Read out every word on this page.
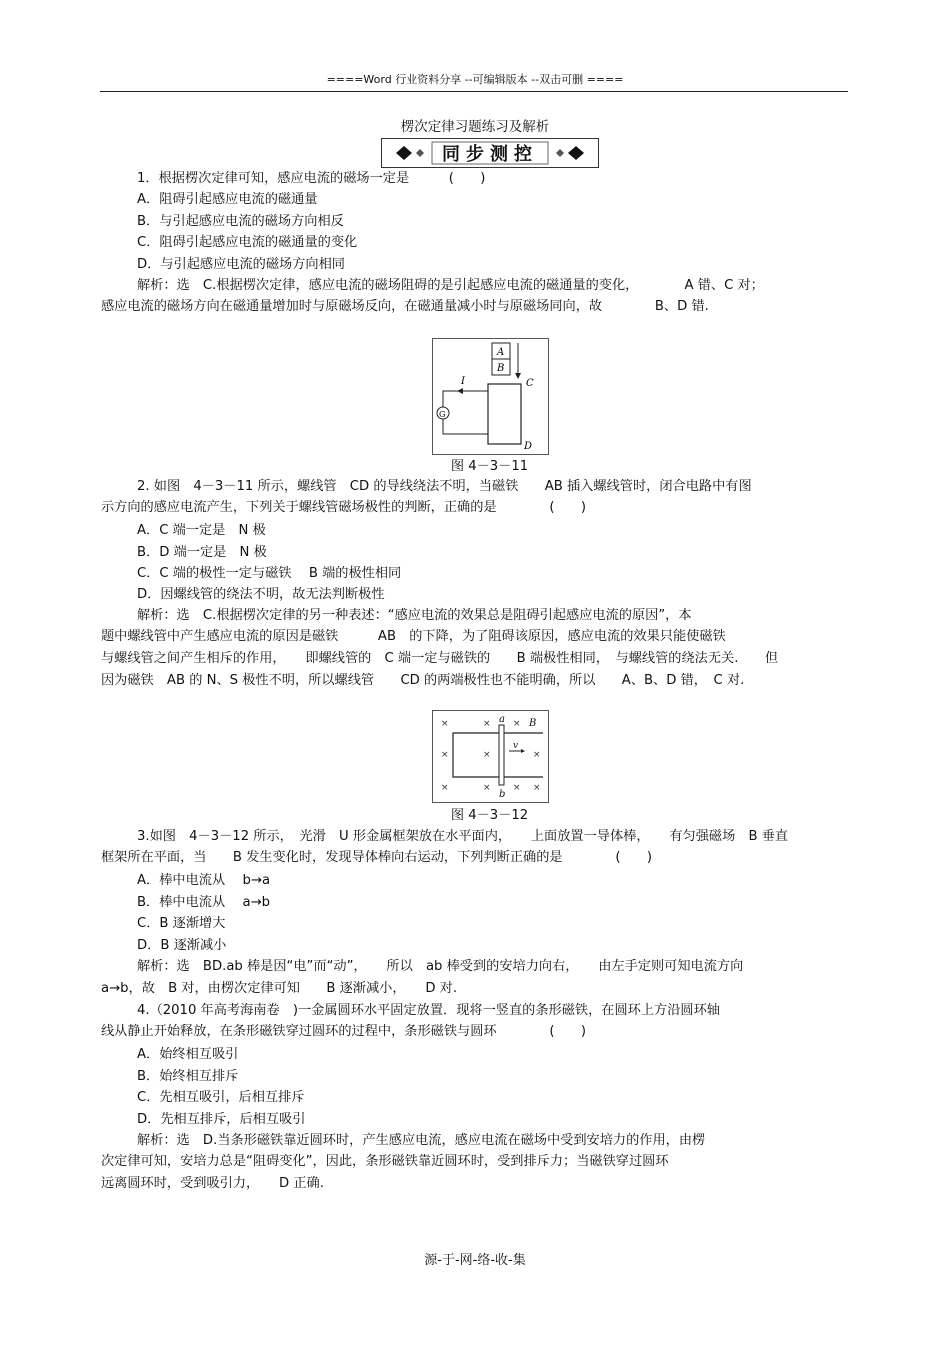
====Word 行业资料分享 --可编辑版本 --双击可删 ====
楞次定律习题练习及解析
同步测控
1．根据楞次定律可知，感应电流的磁场一定是　　　(　　)
A．阻碍引起感应电流的磁通量
B．与引起感应电流的磁场方向相反
C．阻碍引起感应电流的磁通量的变化
D．与引起感应电流的磁场方向相同
解析：选　C.根据楞次定律，感应电流的磁场阻碍的是引起感应电流的磁通量的变化，　　　　A 错、C 对；
感应电流的磁场方向在磁通量增加时与原磁场反向，在磁通量减小时与原磁场同向，故　　　　B、D 错.
A
B
C
D
I
G
图 4－3－11
2. 如图　4－3－11 所示，螺线管　CD 的导线绕法不明，当磁铁　　AB 插入螺线管时，闭合电路中有图
示方向的感应电流产生，下列关于螺线管磁场极性的判断，正确的是　　　　(　　)
A．C 端一定是　N 极
B．D 端一定是　N 极
C．C 端的极性一定与磁铁　 B 端的极性相同
D．因螺线管的绕法不明，故无法判断极性
解析：选　C.根据楞次定律的另一种表述：“感应电流的效果总是阻碍引起感应电流的原因”，本
题中螺线管中产生感应电流的原因是磁铁　　　AB　的下降，为了阻碍该原因，感应电流的效果只能使磁铁
与螺线管之间产生相斥的作用，　　即螺线管的　C 端一定与磁铁的　　B 端极性相同，　与螺线管的绕法无关.　　但
因为磁铁　AB 的 N、S 极性不明，所以螺线管　　CD 的两端极性也不能明确，所以　　A、B、D 错，　C 对.
×	× ×
×	×	×
×	× × ×
a
b
B
v
图 4－3－12
3.如图　4－3－12 所示，　光滑　U 形金属框架放在水平面内，　　上面放置一导体棒，　　有匀强磁场　B 垂直
框架所在平面，当　　B 发生变化时，发现导体棒向右运动，下列判断正确的是　　　　(　　)
A．棒中电流从　 b→a
B．棒中电流从　 a→b
C．B 逐渐增大
D．B 逐渐减小
解析：选　BD.ab 棒是因“电”而“动”，　　所以　ab 棒受到的安培力向右，　　由左手定则可知电流方向
a→b，故　B 对，由楞次定律可知　　B 逐渐减小，　　D 对.
4.（2010 年高考海南卷　)一金属圆环水平固定放置．现将一竖直的条形磁铁，在圆环上方沿圆环轴
线从静止开始释放，在条形磁铁穿过圆环的过程中，条形磁铁与圆环　　　　(　　)
A．始终相互吸引
B．始终相互排斥
C．先相互吸引，后相互排斥
D．先相互排斥，后相互吸引
解析：选　D.当条形磁铁靠近圆环时，产生感应电流，感应电流在磁场中受到安培力的作用，由楞
次定律可知，安培力总是“阻碍变化”，因此，条形磁铁靠近圆环时，受到排斥力；当磁铁穿过圆环
远离圆环时，受到吸引力，　　D 正确.
源-于-网-络-收-集
